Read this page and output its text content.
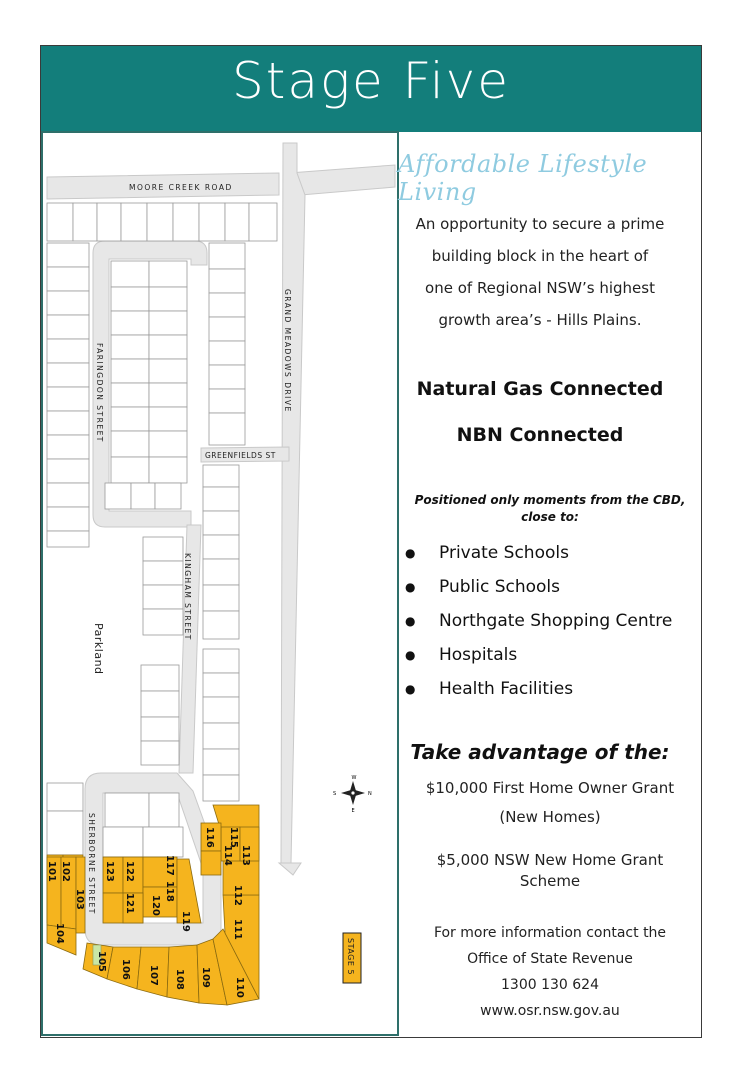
Stage Five
Parkland
101 102
103
104
105 106 107 108 109 110
111
112
113
114
115
116
117
118
119
120
121
122
123
MOORE CREEK ROAD
GRAND MEADOWS DRIVE
FARINGDON STREET
GREENFIELDS ST
KINGHAM STREET
SHERBORNE STREET
W
E
S	N
STAGE 5
Affordable Lifestyle Living
An opportunity to secure a prime
building block in the heart of
one of Regional NSW’s highest
growth area’s - Hills Plains.
Natural Gas Connected
NBN Connected
Positioned only moments from the CBD, close to:
● Private Schools
● Public Schools
● Northgate Shopping Centre
● Hospitals
● Health Facilities
Take advantage of the:
$10,000 First Home Owner Grant
(New Homes)
$5,000 NSW New Home Grant
Scheme
For more information contact the
Office of State Revenue
1300 130 624
www.osr.nsw.gov.au
